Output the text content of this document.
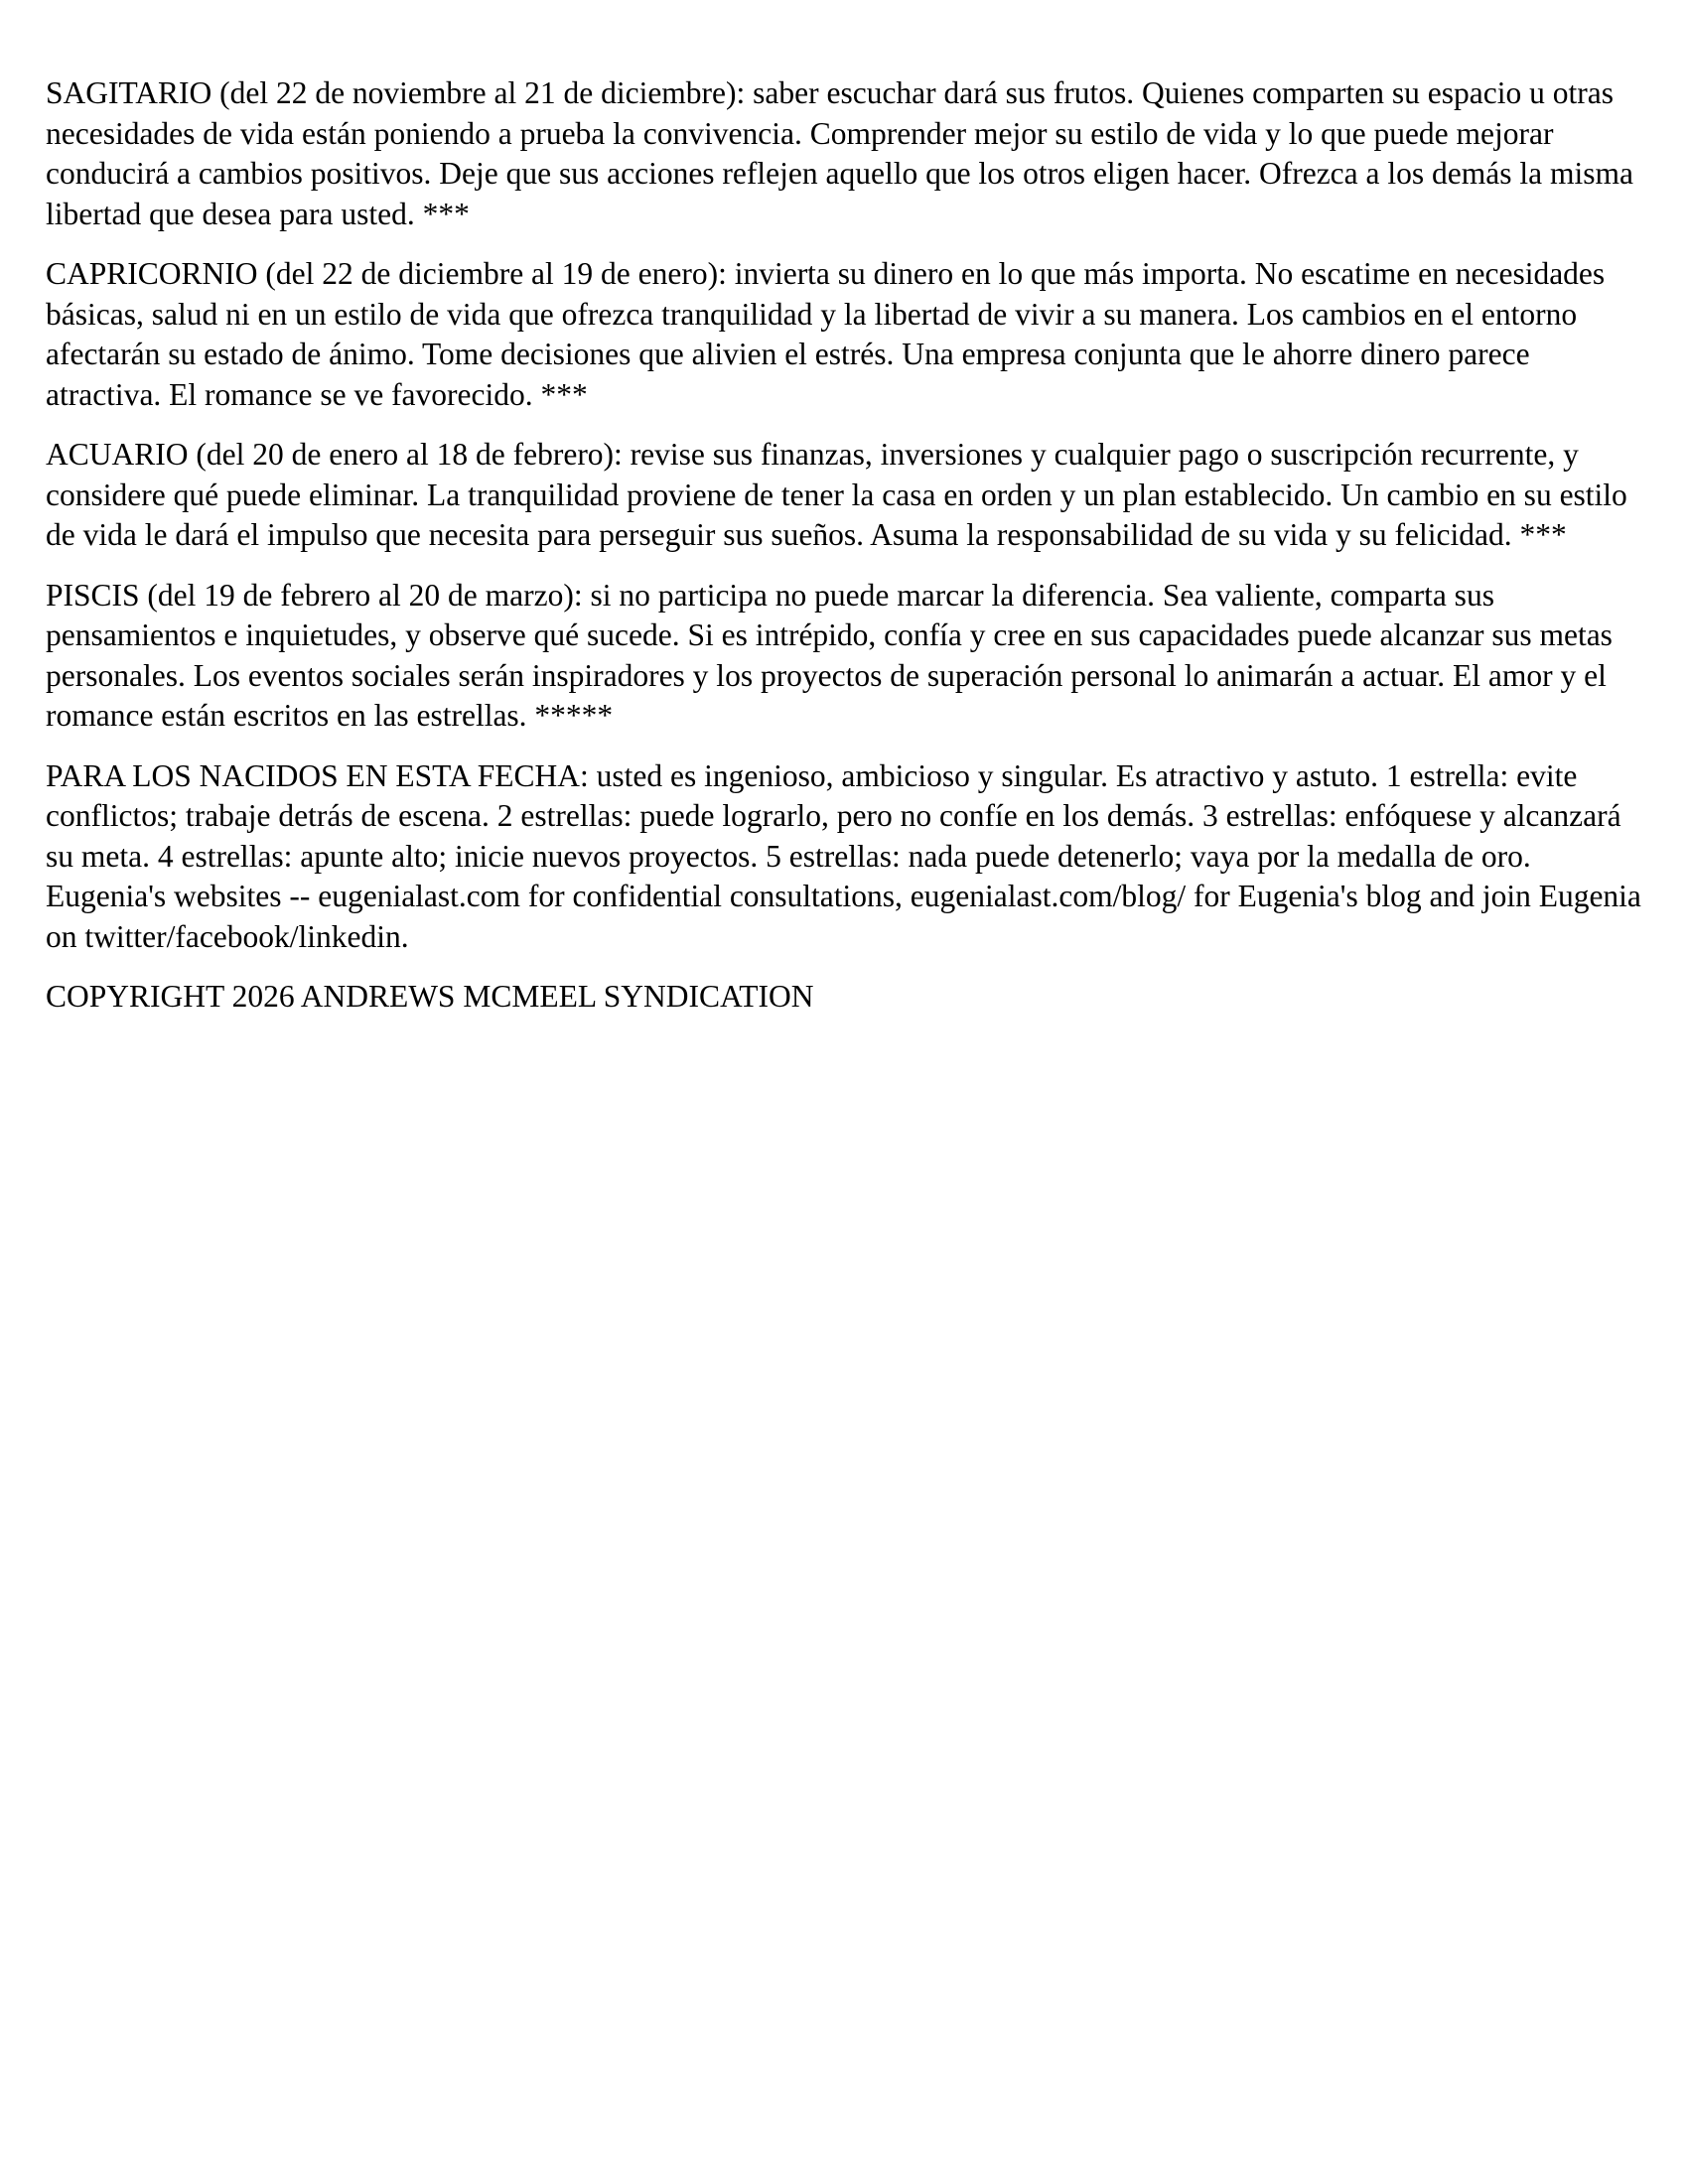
SAGITARIO (del 22 de noviembre al 21 de diciembre): saber escuchar dará sus frutos. Quienes comparten su espacio u otras necesidades de vida están poniendo a prueba la convivencia. Comprender mejor su estilo de vida y lo que puede mejorar conducirá a cambios positivos. Deje que sus acciones reflejen aquello que los otros eligen hacer. Ofrezca a los demás la misma libertad que desea para usted. ***

CAPRICORNIO (del 22 de diciembre al 19 de enero): invierta su dinero en lo que más importa. No escatime en necesidades básicas, salud ni en un estilo de vida que ofrezca tranquilidad y la libertad de vivir a su manera. Los cambios en el entorno afectarán su estado de ánimo. Tome decisiones que alivien el estrés. Una empresa conjunta que le ahorre dinero parece atractiva. El romance se ve favorecido. ***

ACUARIO (del 20 de enero al 18 de febrero): revise sus finanzas, inversiones y cualquier pago o suscripción recurrente, y considere qué puede eliminar. La tranquilidad proviene de tener la casa en orden y un plan establecido. Un cambio en su estilo de vida le dará el impulso que necesita para perseguir sus sueños. Asuma la responsabilidad de su vida y su felicidad. ***

PISCIS (del 19 de febrero al 20 de marzo): si no participa no puede marcar la diferencia. Sea valiente, comparta sus pensamientos e inquietudes, y observe qué sucede. Si es intrépido, confía y cree en sus capacidades puede alcanzar sus metas personales. Los eventos sociales serán inspiradores y los proyectos de superación personal lo animarán a actuar. El amor y el romance están escritos en las estrellas. *****

PARA LOS NACIDOS EN ESTA FECHA: usted es ingenioso, ambicioso y singular. Es atractivo y astuto. 1 estrella: evite conflictos; trabaje detrás de escena. 2 estrellas: puede lograrlo, pero no confíe en los demás. 3 estrellas: enfóquese y alcanzará su meta. 4 estrellas: apunte alto; inicie nuevos proyectos. 5 estrellas: nada puede detenerlo; vaya por la medalla de oro. Eugenia's websites -- eugenialast.com for confidential consultations, eugenialast.com/blog/ for Eugenia's blog and join Eugenia on twitter/facebook/linkedin.

COPYRIGHT 2026 ANDREWS MCMEEL SYNDICATION
